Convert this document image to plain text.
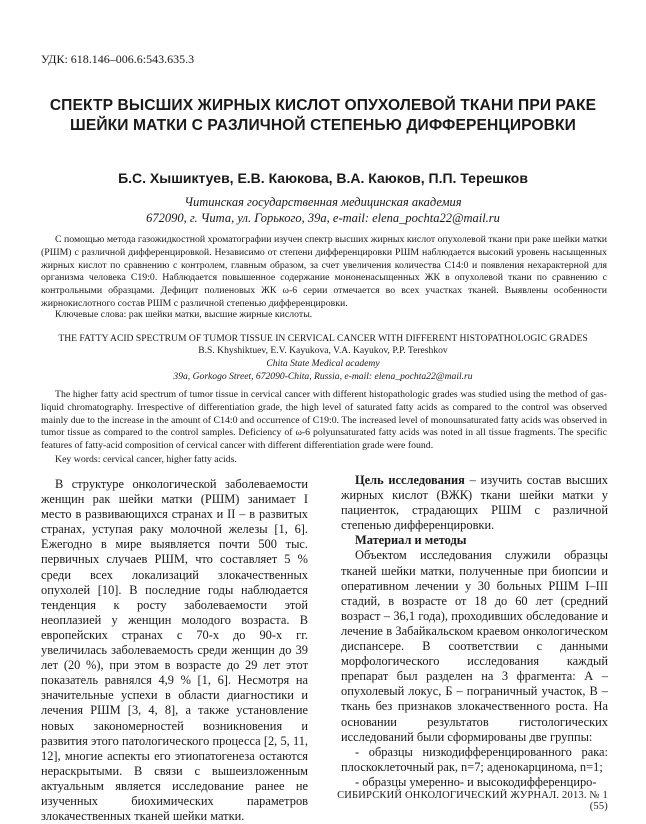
УДК: 618.146–006.6:543.635.3
СПЕКТР ВЫСШИХ ЖИРНЫХ КИСЛОТ ОПУХОЛЕВОЙ ТКАНИ ПРИ РАКЕ ШЕЙКИ МАТКИ С РАЗЛИЧНОЙ СТЕПЕНЬЮ ДИФФЕРЕНЦИРОВКИ
Б.С. Хышиктуев, Е.В. Каюкова, В.А. Каюков, П.П. Терешков
Читинская государственная медицинская академия
672090, г. Чита, ул. Горького, 39а, e-mail: elena_pochta22@mail.ru
С помощью метода газожидкостной хроматографии изучен спектр высших жирных кислот опухолевой ткани при раке шейки матки (РШМ) с различной дифференцировкой. Независимо от степени дифференцировки РШМ наблюдается высокий уровень насыщенных жирных кислот по сравнению с контролем, главным образом, за счет увеличения количества С14:0 и появления нехарактерной для организма человека С19:0. Наблюдается повышенное содержание мононенасыщенных ЖК в опухолевой ткани по сравнению с контрольными образцами. Дефицит полиеновых ЖК ω-6 серии отмечается во всех участках тканей. Выявлены особенности жирнокислотного состав РШМ с различной степенью дифференцировки.
Ключевые слова: рак шейки матки, высшие жирные кислоты.
THE FATTY ACID SPECTRUM OF TUMOR TISSUE IN CERVICAL CANCER WITH DIFFERENT HISTOPATHOLOGIC GRADES
B.S. Khyshiktuev, E.V. Kayukova, V.A. Kayukov, P.P. Tereshkov
Chita State Medical academy
39a, Gorkogo Street, 672090-Chita, Russia, e-mail: elena_pochta22@mail.ru
The higher fatty acid spectrum of tumor tissue in cervical cancer with different histopathologic grades was studied using the method of gas-liquid chromatography. Irrespective of differentiation grade, the high level of saturated fatty acids as compared to the control was observed mainly due to the increase in the amount of C14:0 and occurrence of C19:0. The increased level of monounsaturated fatty acids was observed in tumor tissue as compared to the control samples. Deficiency of ω-6 polyunsaturated fatty acids was noted in all tissue fragments. The specific features of fatty-acid composition of cervical cancer with different differentiation grade were found.
Key words: cervical cancer, higher fatty acids.

В структуре онкологической заболеваемости женщин рак шейки матки (РШМ) занимает I место в развивающихся странах и II – в развитых странах, уступая раку молочной железы [1, 6]. Ежегодно в мире выявляется почти 500 тыс. первичных случаев РШМ, что составляет 5 % среди всех локализаций злокачественных опухолей [10]. В последние годы наблюдается тенденция к росту заболеваемости этой неоплазией у женщин молодого возраста. В европейских странах с 70-х до 90-х гг. увеличилась заболеваемость среди женщин до 39 лет (20 %), при этом в возрасте до 29 лет этот показатель равнялся 4,9 % [1, 6]. Несмотря на значительные успехи в области диагностики и лечения РШМ [3, 4, 8], а также установление новых закономерностей возникновения и развития этого патологического процесса [2, 5, 11, 12], многие аспекты его этиопатогенеза остаются нераскрытыми. В связи с вышеизложенным актуальным является исследование ранее не изученных биохимических параметров злокачественных тканей шейки матки.

Цель исследования – изучить состав высших жирных кислот (ВЖК) ткани шейки матки у пациенток, страдающих РШМ с различной степенью дифференцировки.

Материал и методы

Объектом исследования служили образцы тканей шейки матки, полученные при биопсии и оперативном лечении у 30 больных РШМ I–III стадий, в возрасте от 18 до 60 лет (средний возраст – 36,1 года), проходивших обследование и лечение в Забайкальском краевом онкологическом диспансере. В соответствии с данными морфологического исследования каждый препарат был разделен на 3 фрагмента: А – опухолевый локус, Б – пограничный участок, В – ткань без признаков злокачественного роста. На основании результатов гистологических исследований были сформированы две группы:

- образцы низкодифференцированного рака: плоскоклеточный рак, n=7; аденокарцинома, n=1;

- образцы умеренно- и высокодифференциро-

СИБИРСКИЙ ОНКОЛОГИЧЕСКИЙ ЖУРНАЛ. 2013. № 1 (55)
